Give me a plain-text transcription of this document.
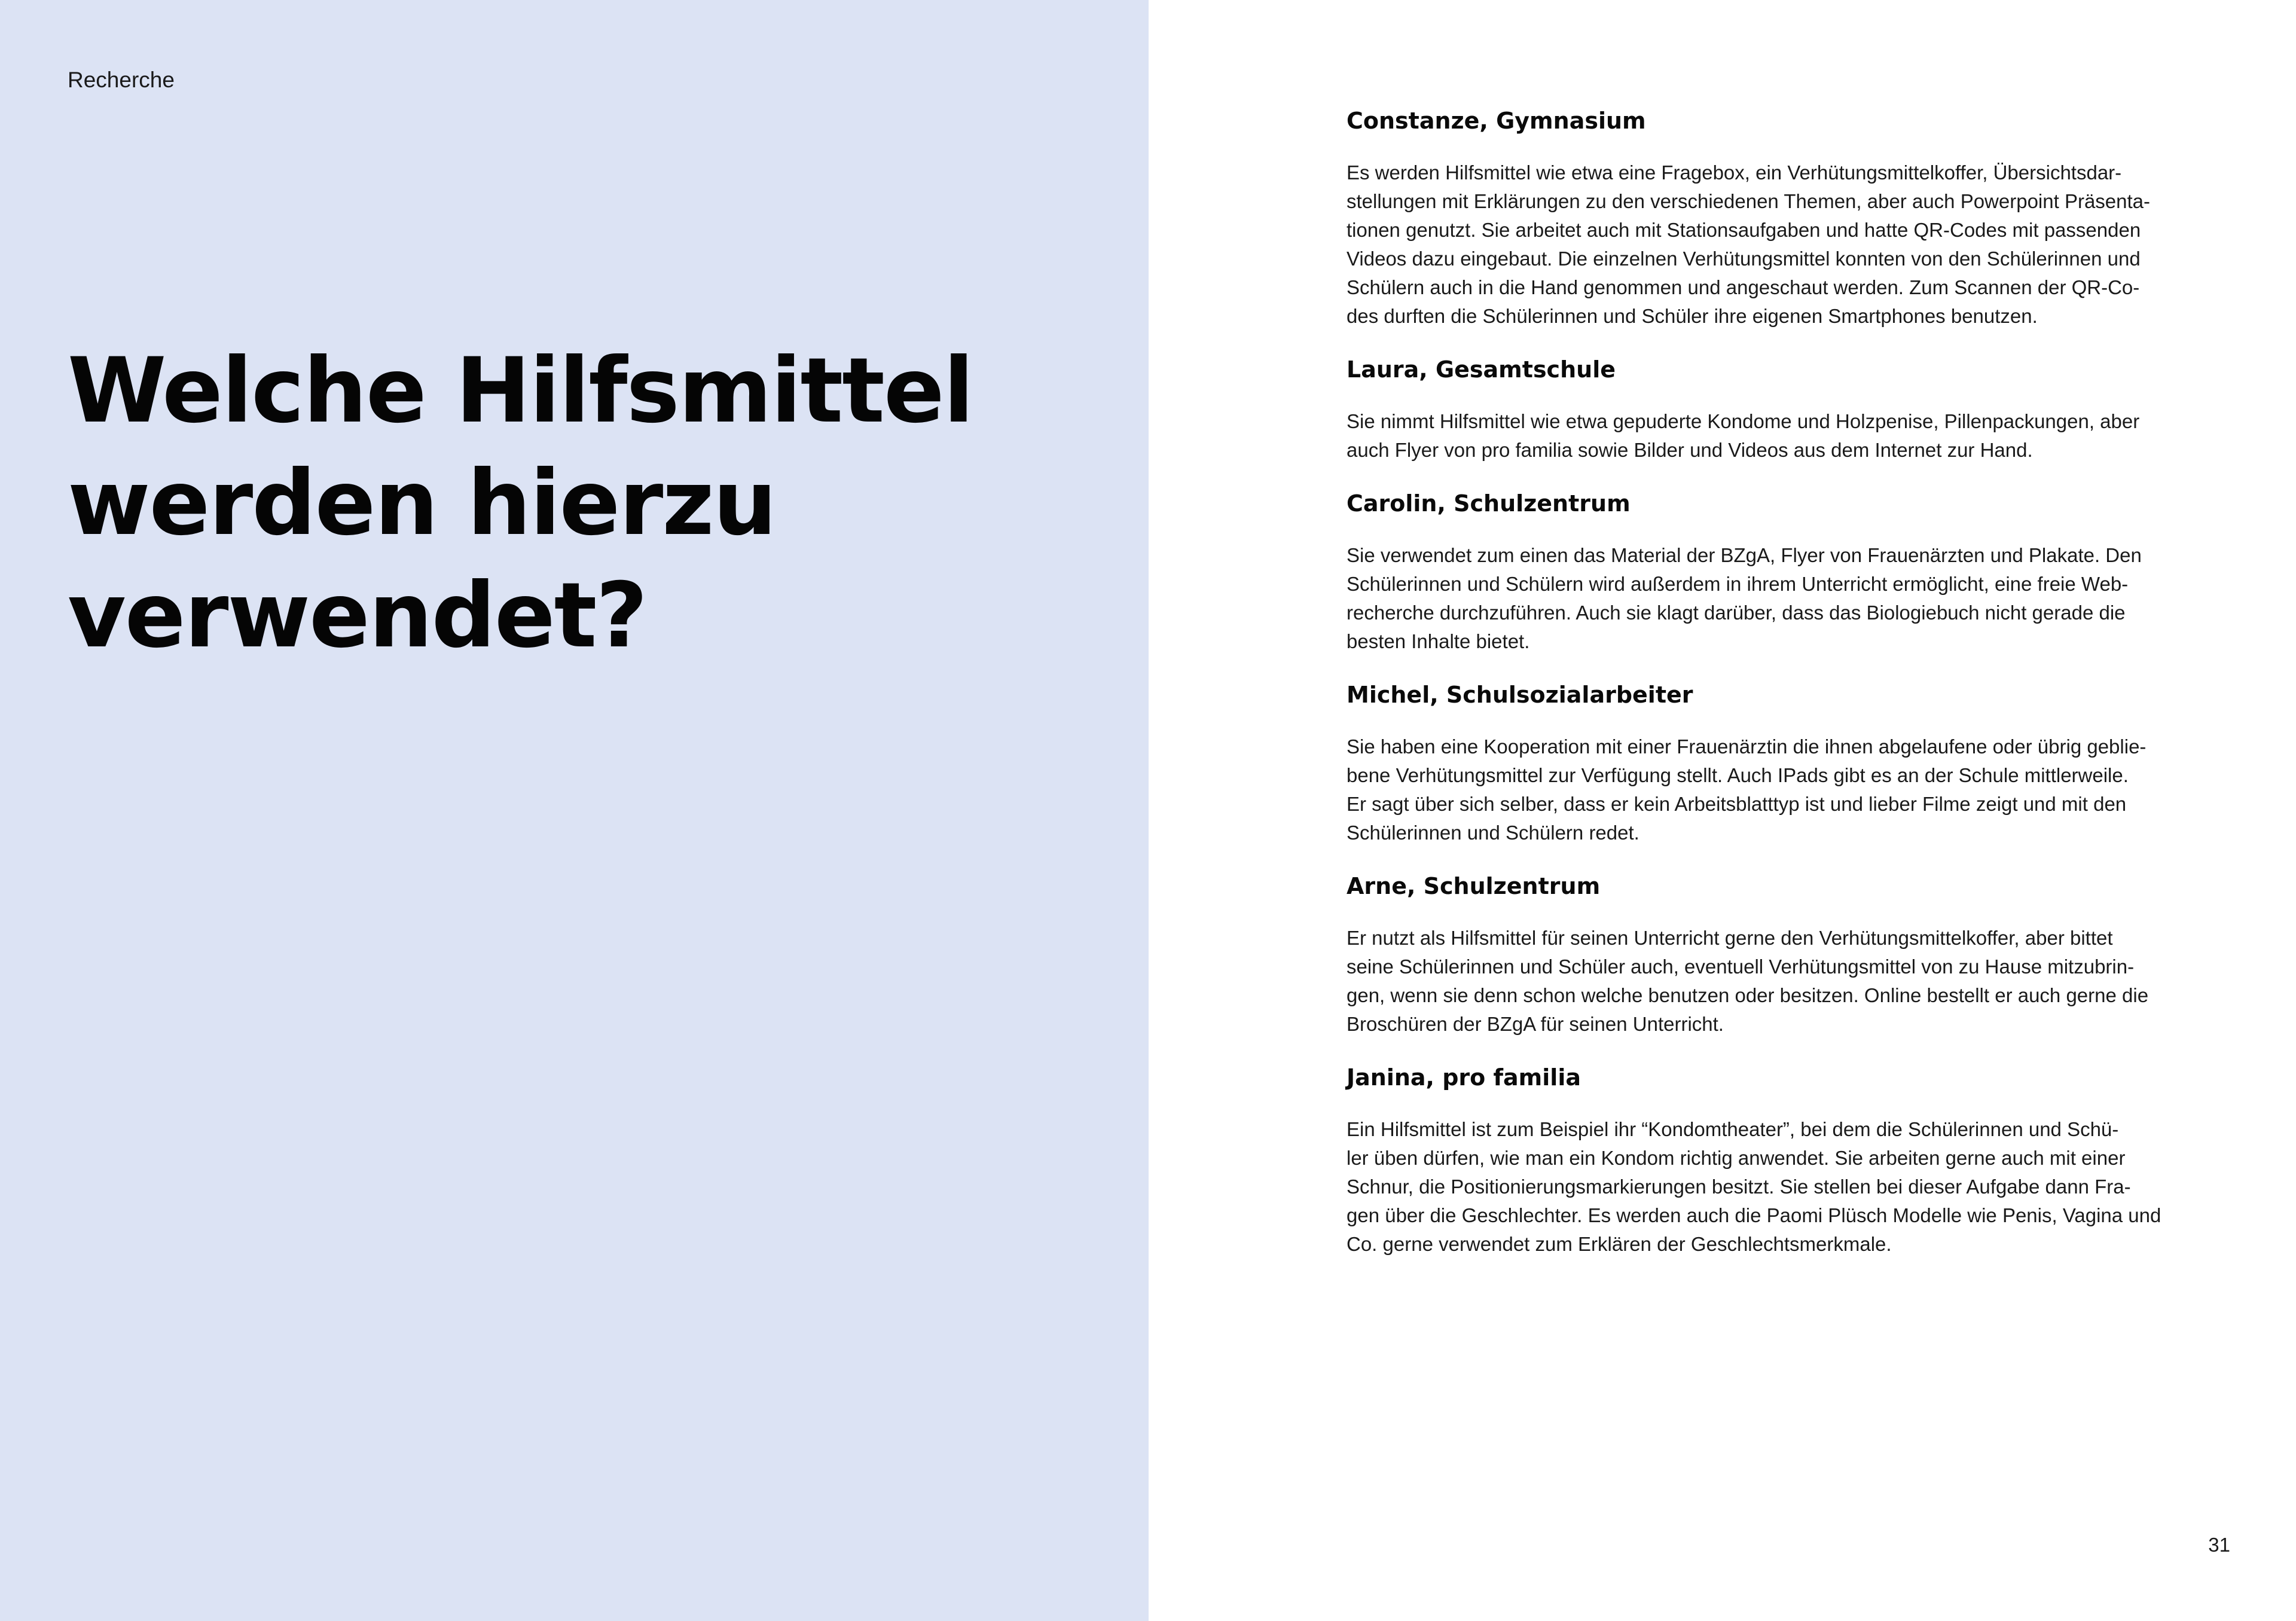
Recherche

Welche Hilfsmittel
werden hierzu
verwendet?

Constanze, Gymnasium

Es werden Hilfsmittel wie etwa eine Fragebox, ein Verhütungsmittelkoffer, Übersichtsdar-
stellungen mit Erklärungen zu den verschiedenen Themen, aber auch Powerpoint Präsenta-
tionen genutzt. Sie arbeitet auch mit Stationsaufgaben und hatte QR-Codes mit passenden
Videos dazu eingebaut. Die einzelnen Verhütungsmittel konnten von den Schülerinnen und
Schülern auch in die Hand genommen und angeschaut werden. Zum Scannen der QR-Co-
des durften die Schülerinnen und Schüler ihre eigenen Smartphones benutzen.

Laura, Gesamtschule

Sie nimmt Hilfsmittel wie etwa gepuderte Kondome und Holzpenise, Pillenpackungen, aber
auch Flyer von pro familia sowie Bilder und Videos aus dem Internet zur Hand.

Carolin, Schulzentrum

Sie verwendet zum einen das Material der BZgA, Flyer von Frauenärzten und Plakate. Den
Schülerinnen und Schülern wird außerdem in ihrem Unterricht ermöglicht, eine freie Web-
recherche durchzuführen. Auch sie klagt darüber, dass das Biologiebuch nicht gerade die
besten Inhalte bietet.

Michel, Schulsozialarbeiter

Sie haben eine Kooperation mit einer Frauenärztin die ihnen abgelaufene oder übrig geblie-
bene Verhütungsmittel zur Verfügung stellt. Auch IPads gibt es an der Schule mittlerweile.
Er sagt über sich selber, dass er kein Arbeitsblatttyp ist und lieber Filme zeigt und mit den
Schülerinnen und Schülern redet.

Arne, Schulzentrum

Er nutzt als Hilfsmittel für seinen Unterricht gerne den Verhütungsmittelkoffer, aber bittet
seine Schülerinnen und Schüler auch, eventuell Verhütungsmittel von zu Hause mitzubrin-
gen, wenn sie denn schon welche benutzen oder besitzen. Online bestellt er auch gerne die
Broschüren der BZgA für seinen Unterricht.

Janina, pro familia

Ein Hilfsmittel ist zum Beispiel ihr “Kondomtheater”, bei dem die Schülerinnen und Schü-
ler üben dürfen, wie man ein Kondom richtig anwendet. Sie arbeiten gerne auch mit einer
Schnur, die Positionierungsmarkierungen besitzt. Sie stellen bei dieser Aufgabe dann Fra-
gen über die Geschlechter. Es werden auch die Paomi Plüsch Modelle wie Penis, Vagina und
Co. gerne verwendet zum Erklären der Geschlechtsmerkmale.

31
